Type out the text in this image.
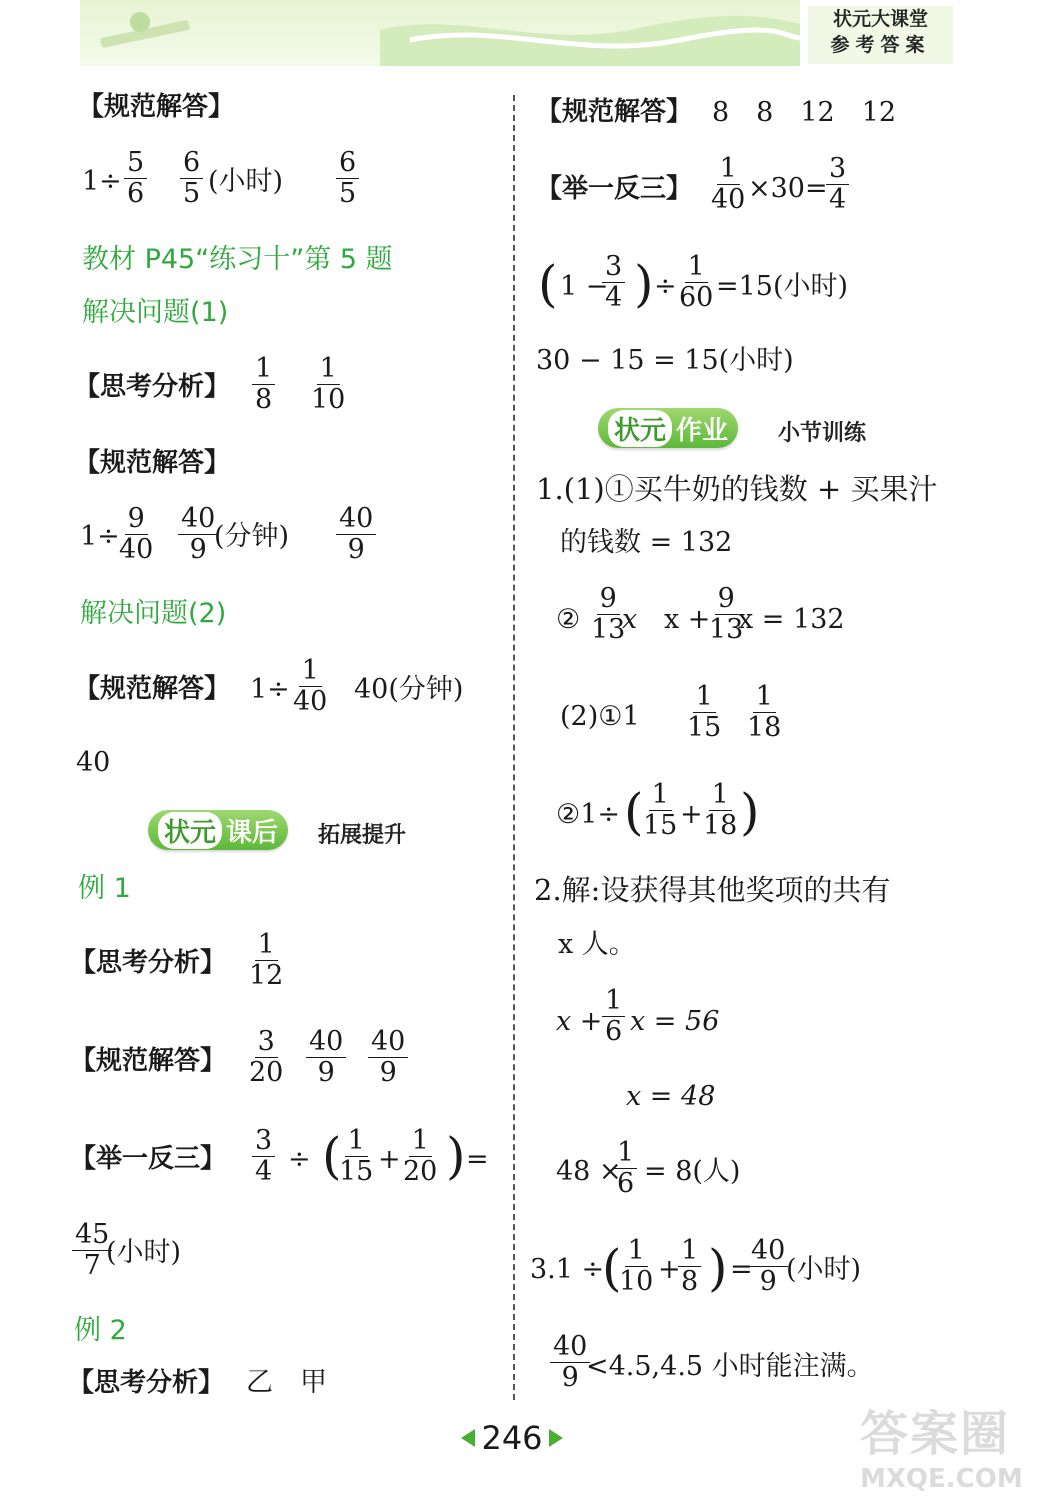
状元大课堂
参考答案
【规范解答】
$1\div \frac{5}{6} \frac{6}{5}$ (小时) $\frac{6}{5}$
教材 P45“练习十”第 5 题
解决问题(1)
【思考分析】 $\frac{1}{8} \frac{1}{10}$
【规范解答】
1÷
$\frac{9}{40} \frac{40}{9}$
(分钟) $\frac{40}{9}$
解决问题(2)
【规范解答】 $1\div \frac{1}{40} 40$(分钟)
40
状元 课后 拓展提升
例 1
【思考分析】 $\frac{1}{12}$
【规范解答】 $\frac{3}{20} \frac{40}{9} \frac{40}{9}$
【举一反三】 $\frac{3}{4}$ ÷ (
$\frac{1}{15} + \frac{1}{20}$ ) =
$\frac{45}{7}$
(小时)
例 2
【思考分析】 乙　甲
【规范解答】 8　8　12　12
【举一反三】 $\frac{1}{40} \times 30=$
$\frac{3}{4}$
( 1 −
$\frac{3}{4}$ ) ÷ $\frac{1}{60} =15$(小时)
30 − 15 = 15(小时)
状元 作业 小节训练
1.(1)①买牛奶的钱数 + 买果汁
的钱数 = 132
② $\frac{9}{13}$
x x +
$\frac{9}{13}$
x = 132
(2)①1 $\frac{1}{15} \frac{1}{18}$
②1÷ (
$\frac{1}{15}$ +
$\frac{1}{18}$ )
2.解:设获得其他奖项的共有
x 人。
$x + \frac{1}{6}$ x = 56
x = 48
48 ×
$\frac{1}{6} = 8$(人)
3.1 ÷
(
$\frac{1}{10}$ +
$\frac{1}{8}$ ) =
$\frac{40}{9}$
(小时)
$\frac{40}{9}$
<4.5,4.5 小时能注满。
246	答案圈
MXQE.COM
